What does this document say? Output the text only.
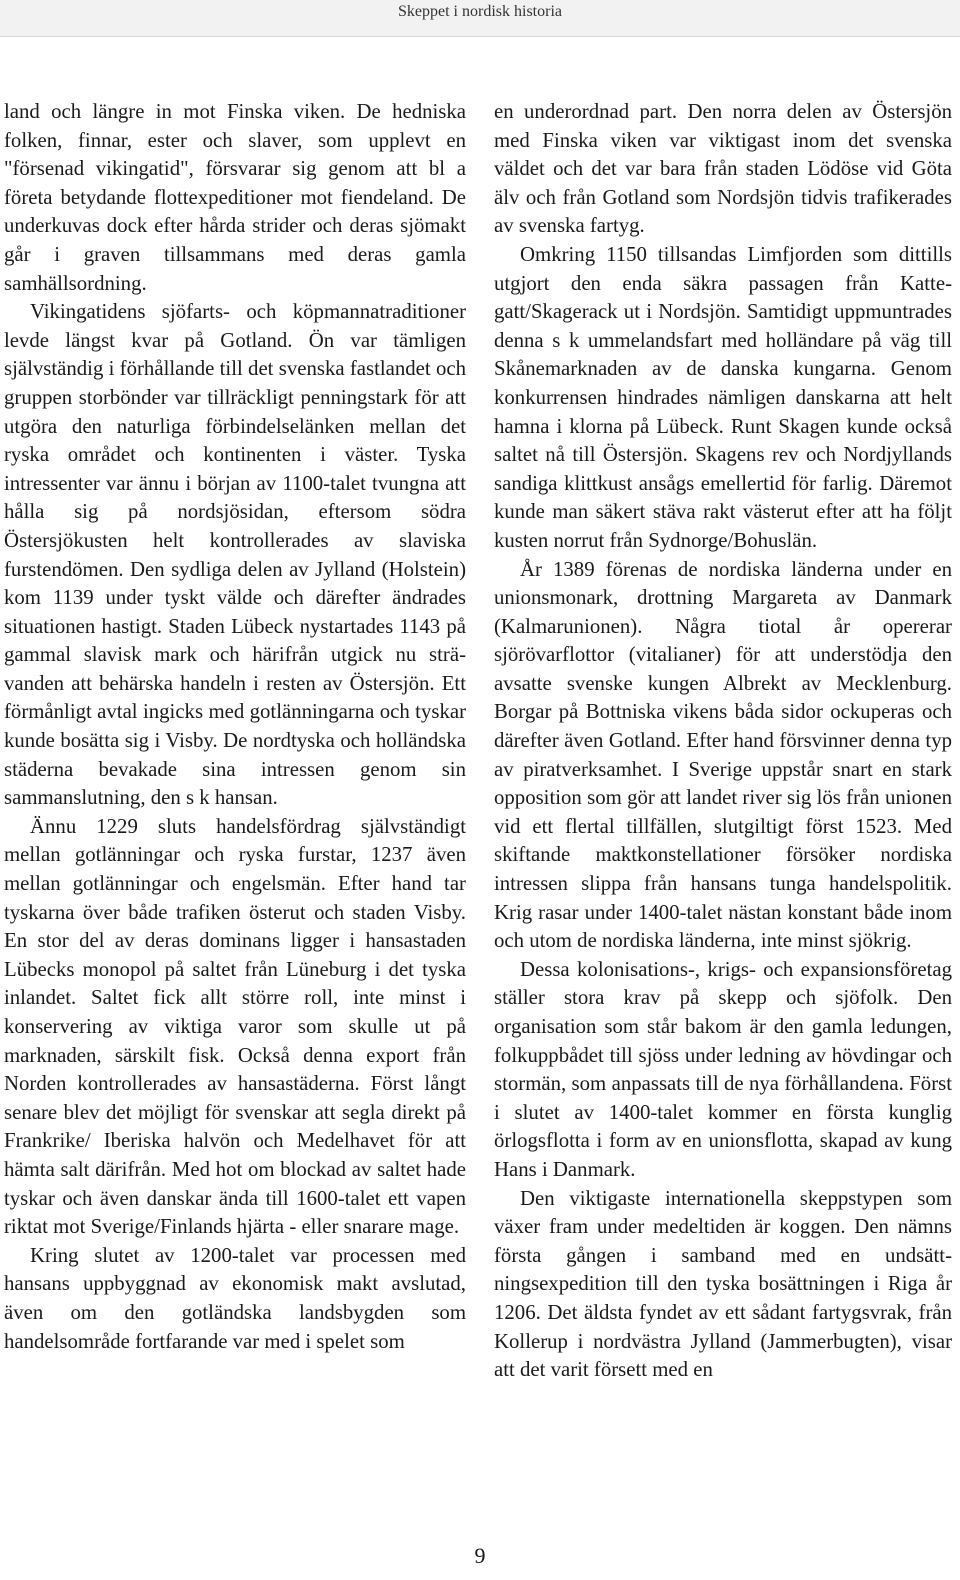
Skeppet i nordisk historia

land och längre in mot Finska viken. De hedniska folken, finnar, ester och slaver, som upplevt en "försenad vikingatid", försvarar sig genom att bl a företa betydande flottexpeditioner mot fiendeland. De underkuvas dock efter hårda strider och deras sjömakt går i graven tillsammans med deras gamla samhällsordning.

Vikingatidens sjöfarts- och köpmannatraditioner levde längst kvar på Gotland. Ön var tämligen självständig i förhållande till det svenska fastlandet och gruppen storbönder var tillräckligt penningstark för att utgöra den naturliga förbindelselänken mellan det ryska området och kontinenten i väster. Tyska intressenter var ännu i början av 1100-talet tvungna att hålla sig på nordsjösidan, eftersom södra Östersjökusten helt kontrollerades av slaviska furstendömen. Den sydliga delen av Jylland (Holstein) kom 1139 under tyskt välde och därefter ändrades situationen hastigt. Staden Lübeck nystartades 1143 på gammal slavisk mark och härifrån utgick nu strävanden att behärska handeln i resten av Östersjön. Ett förmånligt avtal ingicks med gotlänningarna och tyskar kunde bosätta sig i Visby. De nordtyska och holländska städerna bevakade sina intressen genom sin sammanslutning, den s k hansan.

Ännu 1229 sluts handelsfördrag självständigt mellan gotlänningar och ryska furstar, 1237 även mellan gotlänningar och engelsmän. Efter hand tar tyskarna över både trafiken österut och staden Visby. En stor del av deras dominans ligger i hansastaden Lübecks monopol på saltet från Lüneburg i det tyska inlandet. Saltet fick allt större roll, inte minst i konservering av viktiga varor som skulle ut på marknaden, särskilt fisk. Också denna export från Norden kontrollerades av hansastäderna. Först långt senare blev det möjligt för svenskar att segla direkt på Frankrike/ Iberiska halvön och Medelhavet för att hämta salt därifrån. Med hot om blockad av saltet hade tyskar och även danskar ända till 1600-talet ett vapen riktat mot Sverige/Finlands hjärta - eller snarare mage.

Kring slutet av 1200-talet var processen med hansans uppbyggnad av ekonomisk makt avslutad, även om den gotländska landsbygden som handelsområde fortfarande var med i spelet som

en underordnad part. Den norra delen av Östersjön med Finska viken var viktigast inom det svenska väldet och det var bara från staden Lödöse vid Göta älv och från Gotland som Nordsjön tidvis trafikerades av svenska fartyg.

Omkring 1150 tillsandas Limfjorden som dittills utgjort den enda säkra passagen från Kattegatt/Skagerack ut i Nordsjön. Samtidigt uppmuntrades denna s k ummelandsfart med holländare på väg till Skånemarknaden av de danska kungarna. Genom konkurrensen hindrades nämligen danskarna att helt hamna i klorna på Lübeck. Runt Skagen kunde också saltet nå till Östersjön. Skagens rev och Nordjyllands sandiga klittkust ansågs emellertid för farlig. Däremot kunde man säkert stäva rakt västerut efter att ha följt kusten norrut från Sydnorge/Bohuslän.

År 1389 förenas de nordiska länderna under en unionsmonark, drottning Margareta av Danmark (Kalmarunionen). Några tiotal år opererar sjörövarflottor (vitalianer) för att understödja den avsatte svenske kungen Albrekt av Mecklenburg. Borgar på Bottniska vikens båda sidor ockuperas och därefter även Gotland. Efter hand försvinner denna typ av piratverksamhet. I Sverige uppstår snart en stark opposition som gör att landet river sig lös från unionen vid ett flertal tillfällen, slutgiltigt först 1523. Med skiftande maktkonstellationer försöker nordiska intressen slippa från hansans tunga handelspolitik. Krig rasar under 1400-talet nästan konstant både inom och utom de nordiska länderna, inte minst sjökrig.

Dessa kolonisations-, krigs- och expansionsföretag ställer stora krav på skepp och sjöfolk. Den organisation som står bakom är den gamla ledungen, folkuppbådet till sjöss under ledning av hövdingar och stormän, som anpassats till de nya förhållandena. Först i slutet av 1400-talet kommer en första kunglig örlogsflotta i form av en unionsflotta, skapad av kung Hans i Danmark.

Den viktigaste internationella skeppstypen som växer fram under medeltiden är koggen. Den nämns första gången i samband med en undsättningsexpedition till den tyska bosättningen i Riga år 1206. Det äldsta fyndet av ett sådant fartygsvrak, från Kollerup i nordvästra Jylland (Jammerbugten), visar att det varit försett med en

9
